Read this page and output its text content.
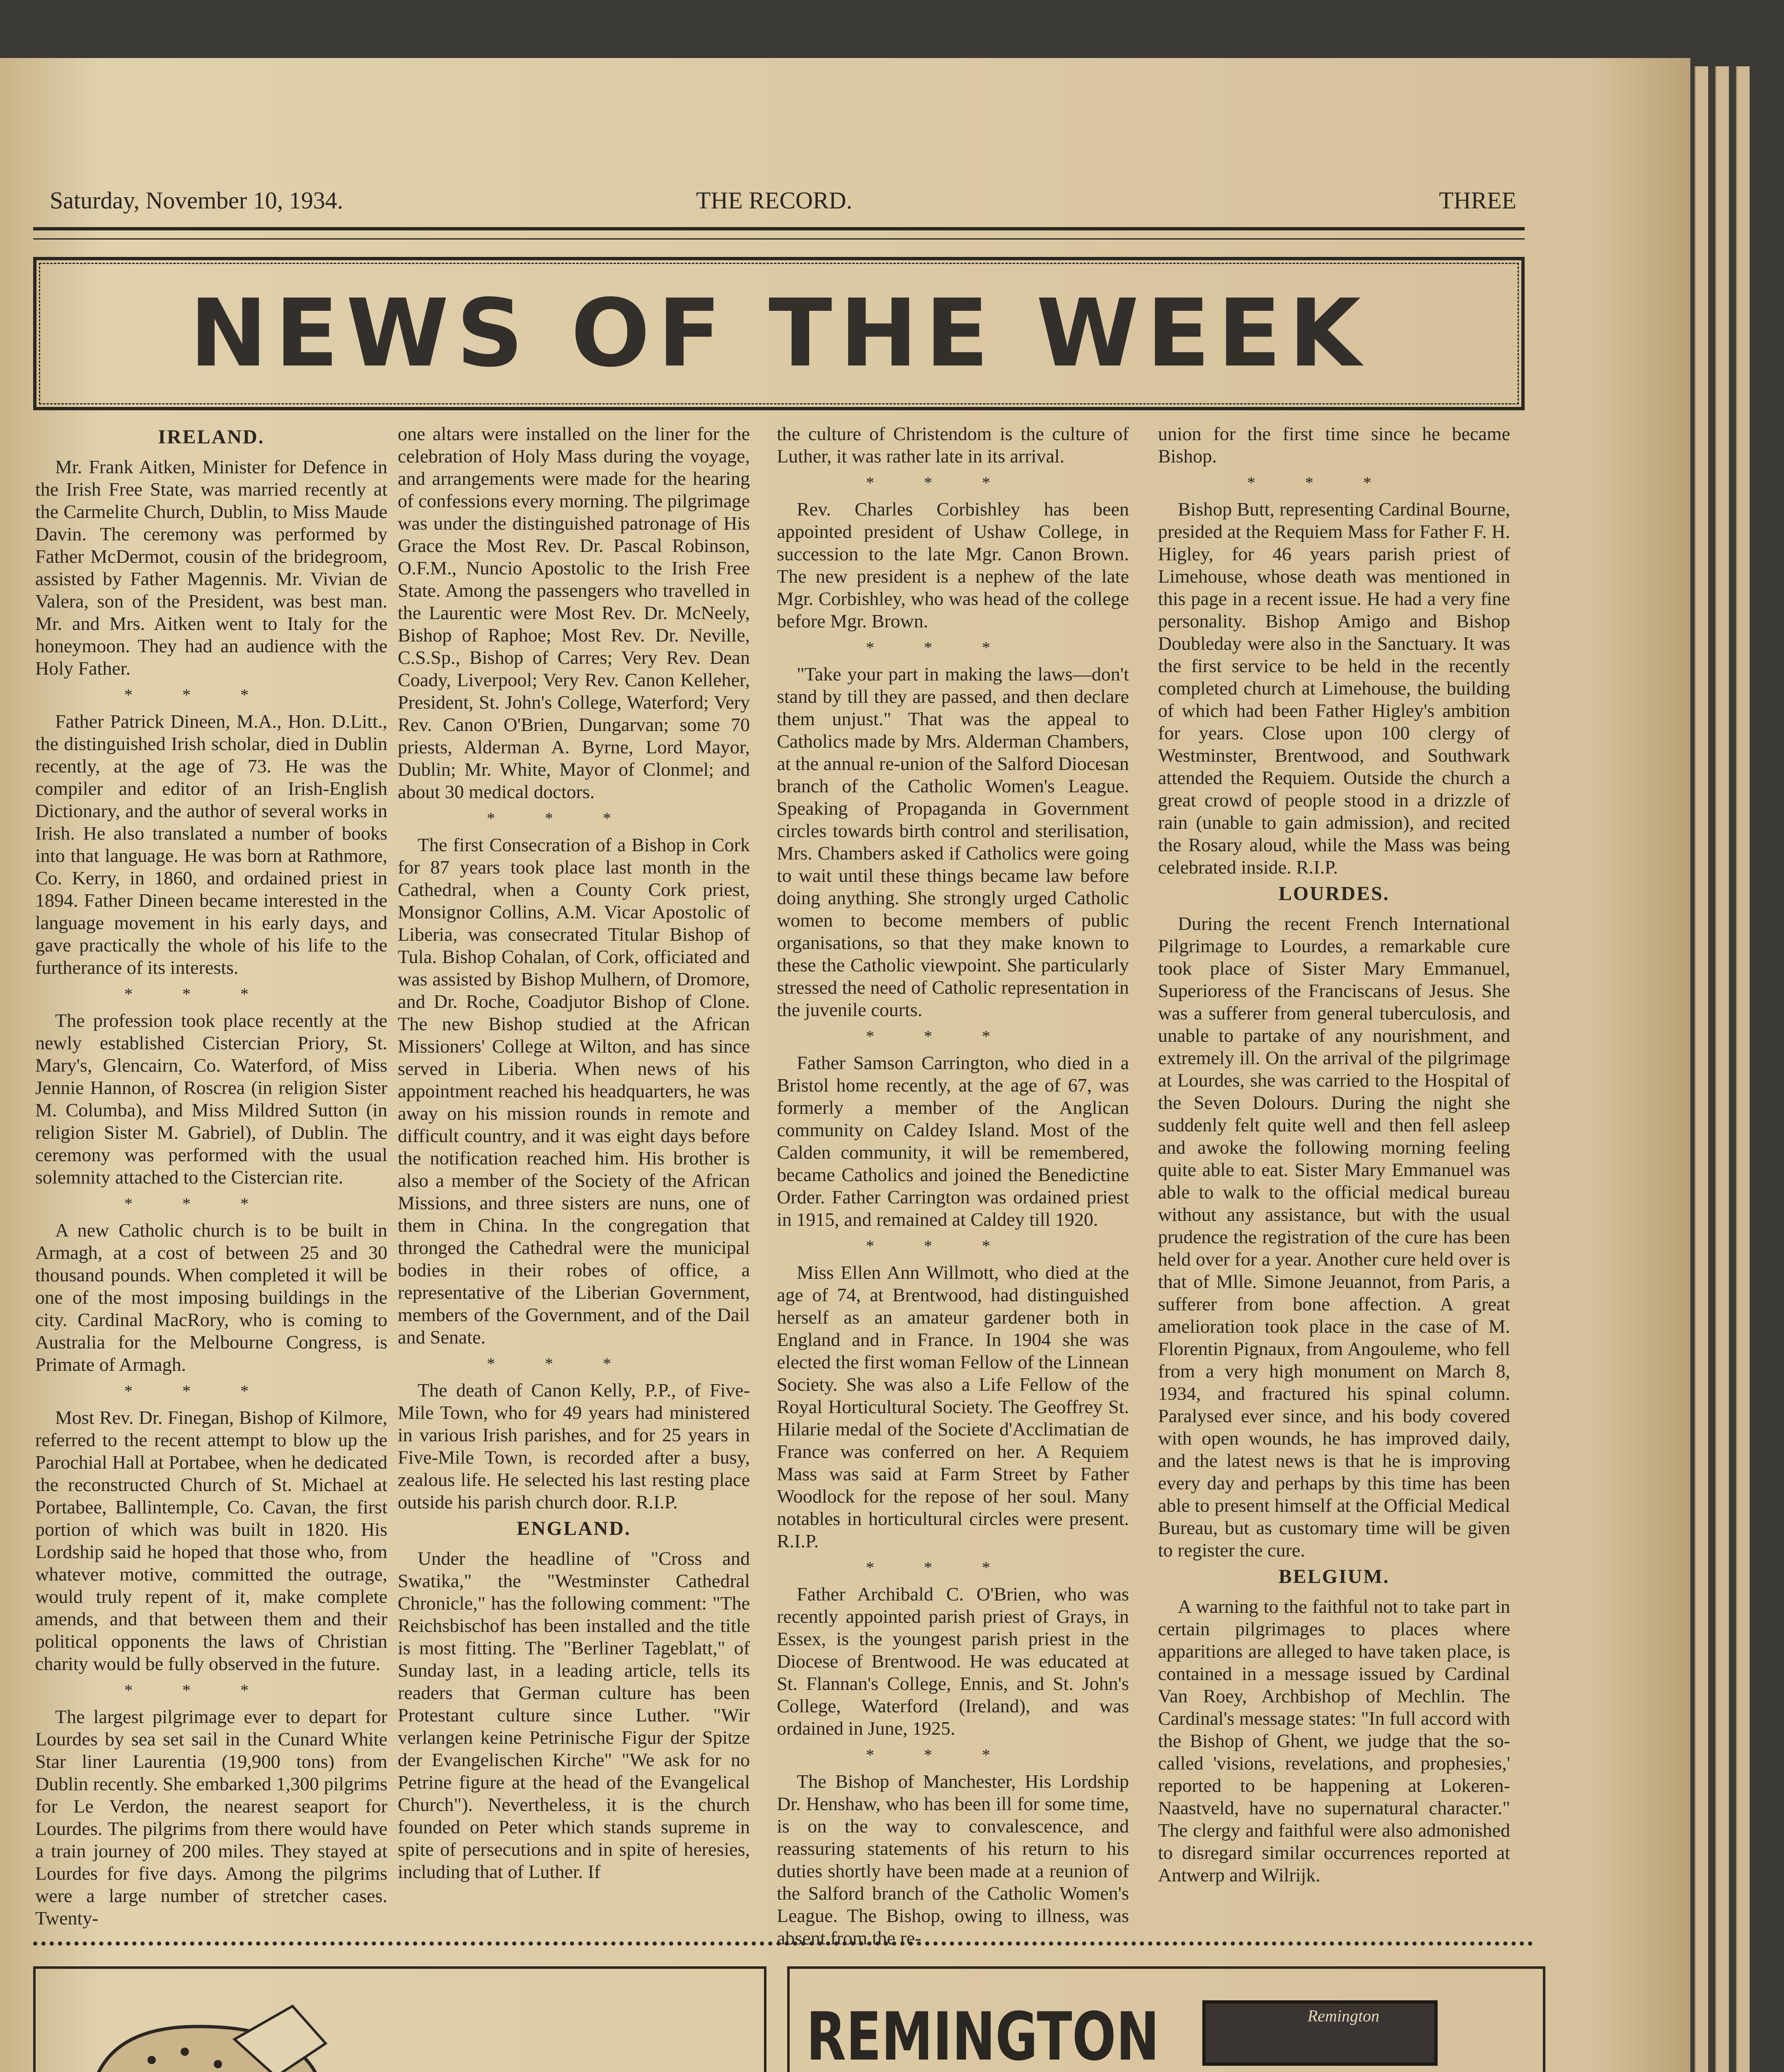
Saturday, November 10, 1934.	THE RECORD.	THREE
NEWS OF THE WEEK
IRELAND.

Mr. Frank Aitken, Minister for Defence in the Irish Free State, was married recently at the Carmelite Church, Dublin, to Miss Maude Davin. The ceremony was performed by Father McDermot, cousin of the bridegroom, assisted by Father Magennis. Mr. Vivian de Valera, son of the President, was best man. Mr. and Mrs. Aitken went to Italy for the honeymoon. They had an audience with the Holy Father.

***

Father Patrick Dineen, M.A., Hon. D.Litt., the distinguished Irish scholar, died in Dublin recently, at the age of 73. He was the compiler and editor of an Irish-English Dictionary, and the author of several works in Irish. He also translated a number of books into that language. He was born at Rathmore, Co. Kerry, in 1860, and ordained priest in 1894. Father Dineen became interested in the language movement in his early days, and gave practically the whole of his life to the furtherance of its interests.

***

The profession took place recently at the newly established Cistercian Priory, St. Mary's, Glencairn, Co. Waterford, of Miss Jennie Hannon, of Roscrea (in religion Sister M. Columba), and Miss Mildred Sutton (in religion Sister M. Gabriel), of Dublin. The ceremony was performed with the usual solemnity attached to the Cistercian rite.

***

A new Catholic church is to be built in Armagh, at a cost of between 25 and 30 thousand pounds. When completed it will be one of the most imposing buildings in the city. Cardinal MacRory, who is coming to Australia for the Melbourne Congress, is Primate of Armagh.

***

Most Rev. Dr. Finegan, Bishop of Kilmore, referred to the recent attempt to blow up the Parochial Hall at Portabee, when he dedicated the reconstructed Church of St. Michael at Portabee, Ballintemple, Co. Cavan, the first portion of which was built in 1820. His Lordship said he hoped that those who, from whatever motive, committed the outrage, would truly repent of it, make complete amends, and that between them and their political opponents the laws of Christian charity would be fully observed in the future.

***

The largest pilgrimage ever to depart for Lourdes by sea set sail in the Cunard White Star liner Laurentia (19,900 tons) from Dublin recently. She embarked 1,300 pilgrims for Le Verdon, the nearest seaport for Lourdes. The pilgrims from there would have a train journey of 200 miles. They stayed at Lourdes for five days. Among the pilgrims were a large number of stretcher cases. Twenty-

one altars were installed on the liner for the celebration of Holy Mass during the voyage, and arrangements were made for the hearing of confessions every morning. The pilgrimage was under the distinguished patronage of His Grace the Most Rev. Dr. Pascal Robinson, O.F.M., Nuncio Apostolic to the Irish Free State. Among the passengers who travelled in the Laurentic were Most Rev. Dr. McNeely, Bishop of Raphoe; Most Rev. Dr. Neville, C.S.Sp., Bishop of Carres; Very Rev. Dean Coady, Liverpool; Very Rev. Canon Kelleher, President, St. John's College, Waterford; Very Rev. Canon O'Brien, Dungarvan; some 70 priests, Alderman A. Byrne, Lord Mayor, Dublin; Mr. White, Mayor of Clonmel; and about 30 medical doctors.

***

The first Consecration of a Bishop in Cork for 87 years took place last month in the Cathedral, when a County Cork priest, Monsignor Collins, A.M. Vicar Apostolic of Liberia, was consecrated Titular Bishop of Tula. Bishop Cohalan, of Cork, officiated and was assisted by Bishop Mulhern, of Dromore, and Dr. Roche, Coadjutor Bishop of Clone. The new Bishop studied at the African Missioners' College at Wilton, and has since served in Liberia. When news of his appointment reached his headquarters, he was away on his mission rounds in remote and difficult country, and it was eight days before the notification reached him. His brother is also a member of the Society of the African Missions, and three sisters are nuns, one of them in China. In the congregation that thronged the Cathedral were the municipal bodies in their robes of office, a representative of the Liberian Government, members of the Government, and of the Dail and Senate.

***

The death of Canon Kelly, P.P., of Five-Mile Town, who for 49 years had ministered in various Irish parishes, and for 25 years in Five-Mile Town, is recorded after a busy, zealous life. He selected his last resting place outside his parish church door. R.I.P.

ENGLAND.

Under the headline of "Cross and Swatika," the "Westminster Cathedral Chronicle," has the following comment: "The Reichsbischof has been installed and the title is most fitting. The "Berliner Tageblatt," of Sunday last, in a leading article, tells its readers that German culture has been Protestant culture since Luther. "Wir verlangen keine Petrinische Figur der Spitze der Evangelischen Kirche" "We ask for no Petrine figure at the head of the Evangelical Church"). Nevertheless, it is the church founded on Peter which stands supreme in spite of persecutions and in spite of heresies, including that of Luther. If

the culture of Christendom is the culture of Luther, it was rather late in its arrival.

***

Rev. Charles Corbishley has been appointed president of Ushaw College, in succession to the late Mgr. Canon Brown. The new president is a nephew of the late Mgr. Corbishley, who was head of the college before Mgr. Brown.

***

"Take your part in making the laws—don't stand by till they are passed, and then declare them unjust." That was the appeal to Catholics made by Mrs. Alderman Chambers, at the annual re-union of the Salford Diocesan branch of the Catholic Women's League. Speaking of Propaganda in Government circles towards birth control and sterilisation, Mrs. Chambers asked if Catholics were going to wait until these things became law before doing anything. She strongly urged Catholic women to become members of public organisations, so that they make known to these the Catholic viewpoint. She particularly stressed the need of Catholic representation in the juvenile courts.

***

Father Samson Carrington, who died in a Bristol home recently, at the age of 67, was formerly a member of the Anglican community on Caldey Island. Most of the Calden community, it will be remembered, became Catholics and joined the Benedictine Order. Father Carrington was ordained priest in 1915, and remained at Caldey till 1920.

***

Miss Ellen Ann Willmott, who died at the age of 74, at Brentwood, had distinguished herself as an amateur gardener both in England and in France. In 1904 she was elected the first woman Fellow of the Linnean Society. She was also a Life Fellow of the Royal Horticultural Society. The Geoffrey St. Hilarie medal of the Societe d'Acclimatian de France was conferred on her. A Requiem Mass was said at Farm Street by Father Woodlock for the repose of her soul. Many notables in horticultural circles were present. R.I.P.

***

Father Archibald C. O'Brien, who was recently appointed parish priest of Grays, in Essex, is the youngest parish priest in the Diocese of Brentwood. He was educated at St. Flannan's College, Ennis, and St. John's College, Waterford (Ireland), and was ordained in June, 1925.

***

The Bishop of Manchester, His Lordship Dr. Henshaw, who has been ill for some time, is on the way to convalescence, and reassuring statements of his return to his duties shortly have been made at a reunion of the Salford branch of the Catholic Women's League. The Bishop, owing to illness, was absent from the re-

union for the first time since he became Bishop.

***

Bishop Butt, representing Cardinal Bourne, presided at the Requiem Mass for Father F. H. Higley, for 46 years parish priest of Limehouse, whose death was mentioned in this page in a recent issue. He had a very fine personality. Bishop Amigo and Bishop Doubleday were also in the Sanctuary. It was the first service to be held in the recently completed church at Limehouse, the building of which had been Father Higley's ambition for years. Close upon 100 clergy of Westminster, Brentwood, and Southwark attended the Requiem. Outside the church a great crowd of people stood in a drizzle of rain (unable to gain admission), and recited the Rosary aloud, while the Mass was being celebrated inside. R.I.P.

LOURDES.

During the recent French International Pilgrimage to Lourdes, a remarkable cure took place of Sister Mary Emmanuel, Superioress of the Franciscans of Jesus. She was a sufferer from general tuberculosis, and unable to partake of any nourishment, and extremely ill. On the arrival of the pilgrimage at Lourdes, she was carried to the Hospital of the Seven Dolours. During the night she suddenly felt quite well and then fell asleep and awoke the following morning feeling quite able to eat. Sister Mary Emmanuel was able to walk to the official medical bureau without any assistance, but with the usual prudence the registration of the cure has been held over for a year. Another cure held over is that of Mlle. Simone Jeuannot, from Paris, a sufferer from bone affection. A great amelioration took place in the case of M. Florentin Pignaux, from Angouleme, who fell from a very high monument on March 8, 1934, and fractured his spinal column. Paralysed ever since, and his body covered with open wounds, he has improved daily, and the latest news is that he is improving every day and perhaps by this time has been able to present himself at the Official Medical Bureau, but as customary time will be given to register the cure.

BELGIUM.

A warning to the faithful not to take part in certain pilgrimages to places where apparitions are alleged to have taken place, is contained in a message issued by Cardinal Van Roey, Archbishop of Mechlin. The Cardinal's message states: "In full accord with the Bishop of Ghent, we judge that the so-called 'visions, revelations, and prophesies,' reported to be happening at Lokeren-Naastveld, have no supernatural character." The clergy and faithful were also admonished to disregard similar occurrences reported at Antwerp and Wilrijk.

REMINGTON	Remington
